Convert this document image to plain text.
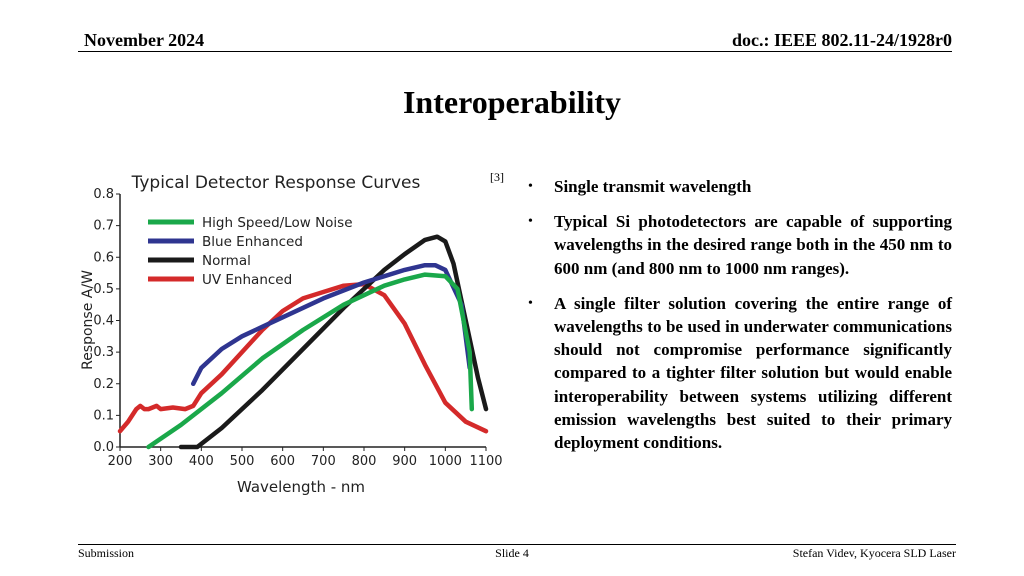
November 2024	doc.: IEEE 802.11-24/1928r0
Interoperability
Typical Detector Response Curves
Response A/W
Wavelength - nm
200 300 400 500 600 700 800 900 1000 1100
0.0
0.1
0.2
0.3
0.4
0.5
0.6
0.7
0.8
High Speed/Low Noise
Blue Enhanced
Normal
UV Enhanced
[3]
• Single transmit wavelength
• Typical Si photodetectors are capable of supporting wavelengths in the desired range both in the 450 nm to 600 nm (and 800 nm to 1000 nm ranges).
• A single filter solution covering the entire range of wavelengths to be used in underwater communications should not compromise performance significantly compared to a tighter filter solution but would enable interoperability between systems utilizing different emission wavelengths best suited to their primary deployment conditions.
Submission	Slide 4	Stefan Videv, Kyocera SLD Laser
